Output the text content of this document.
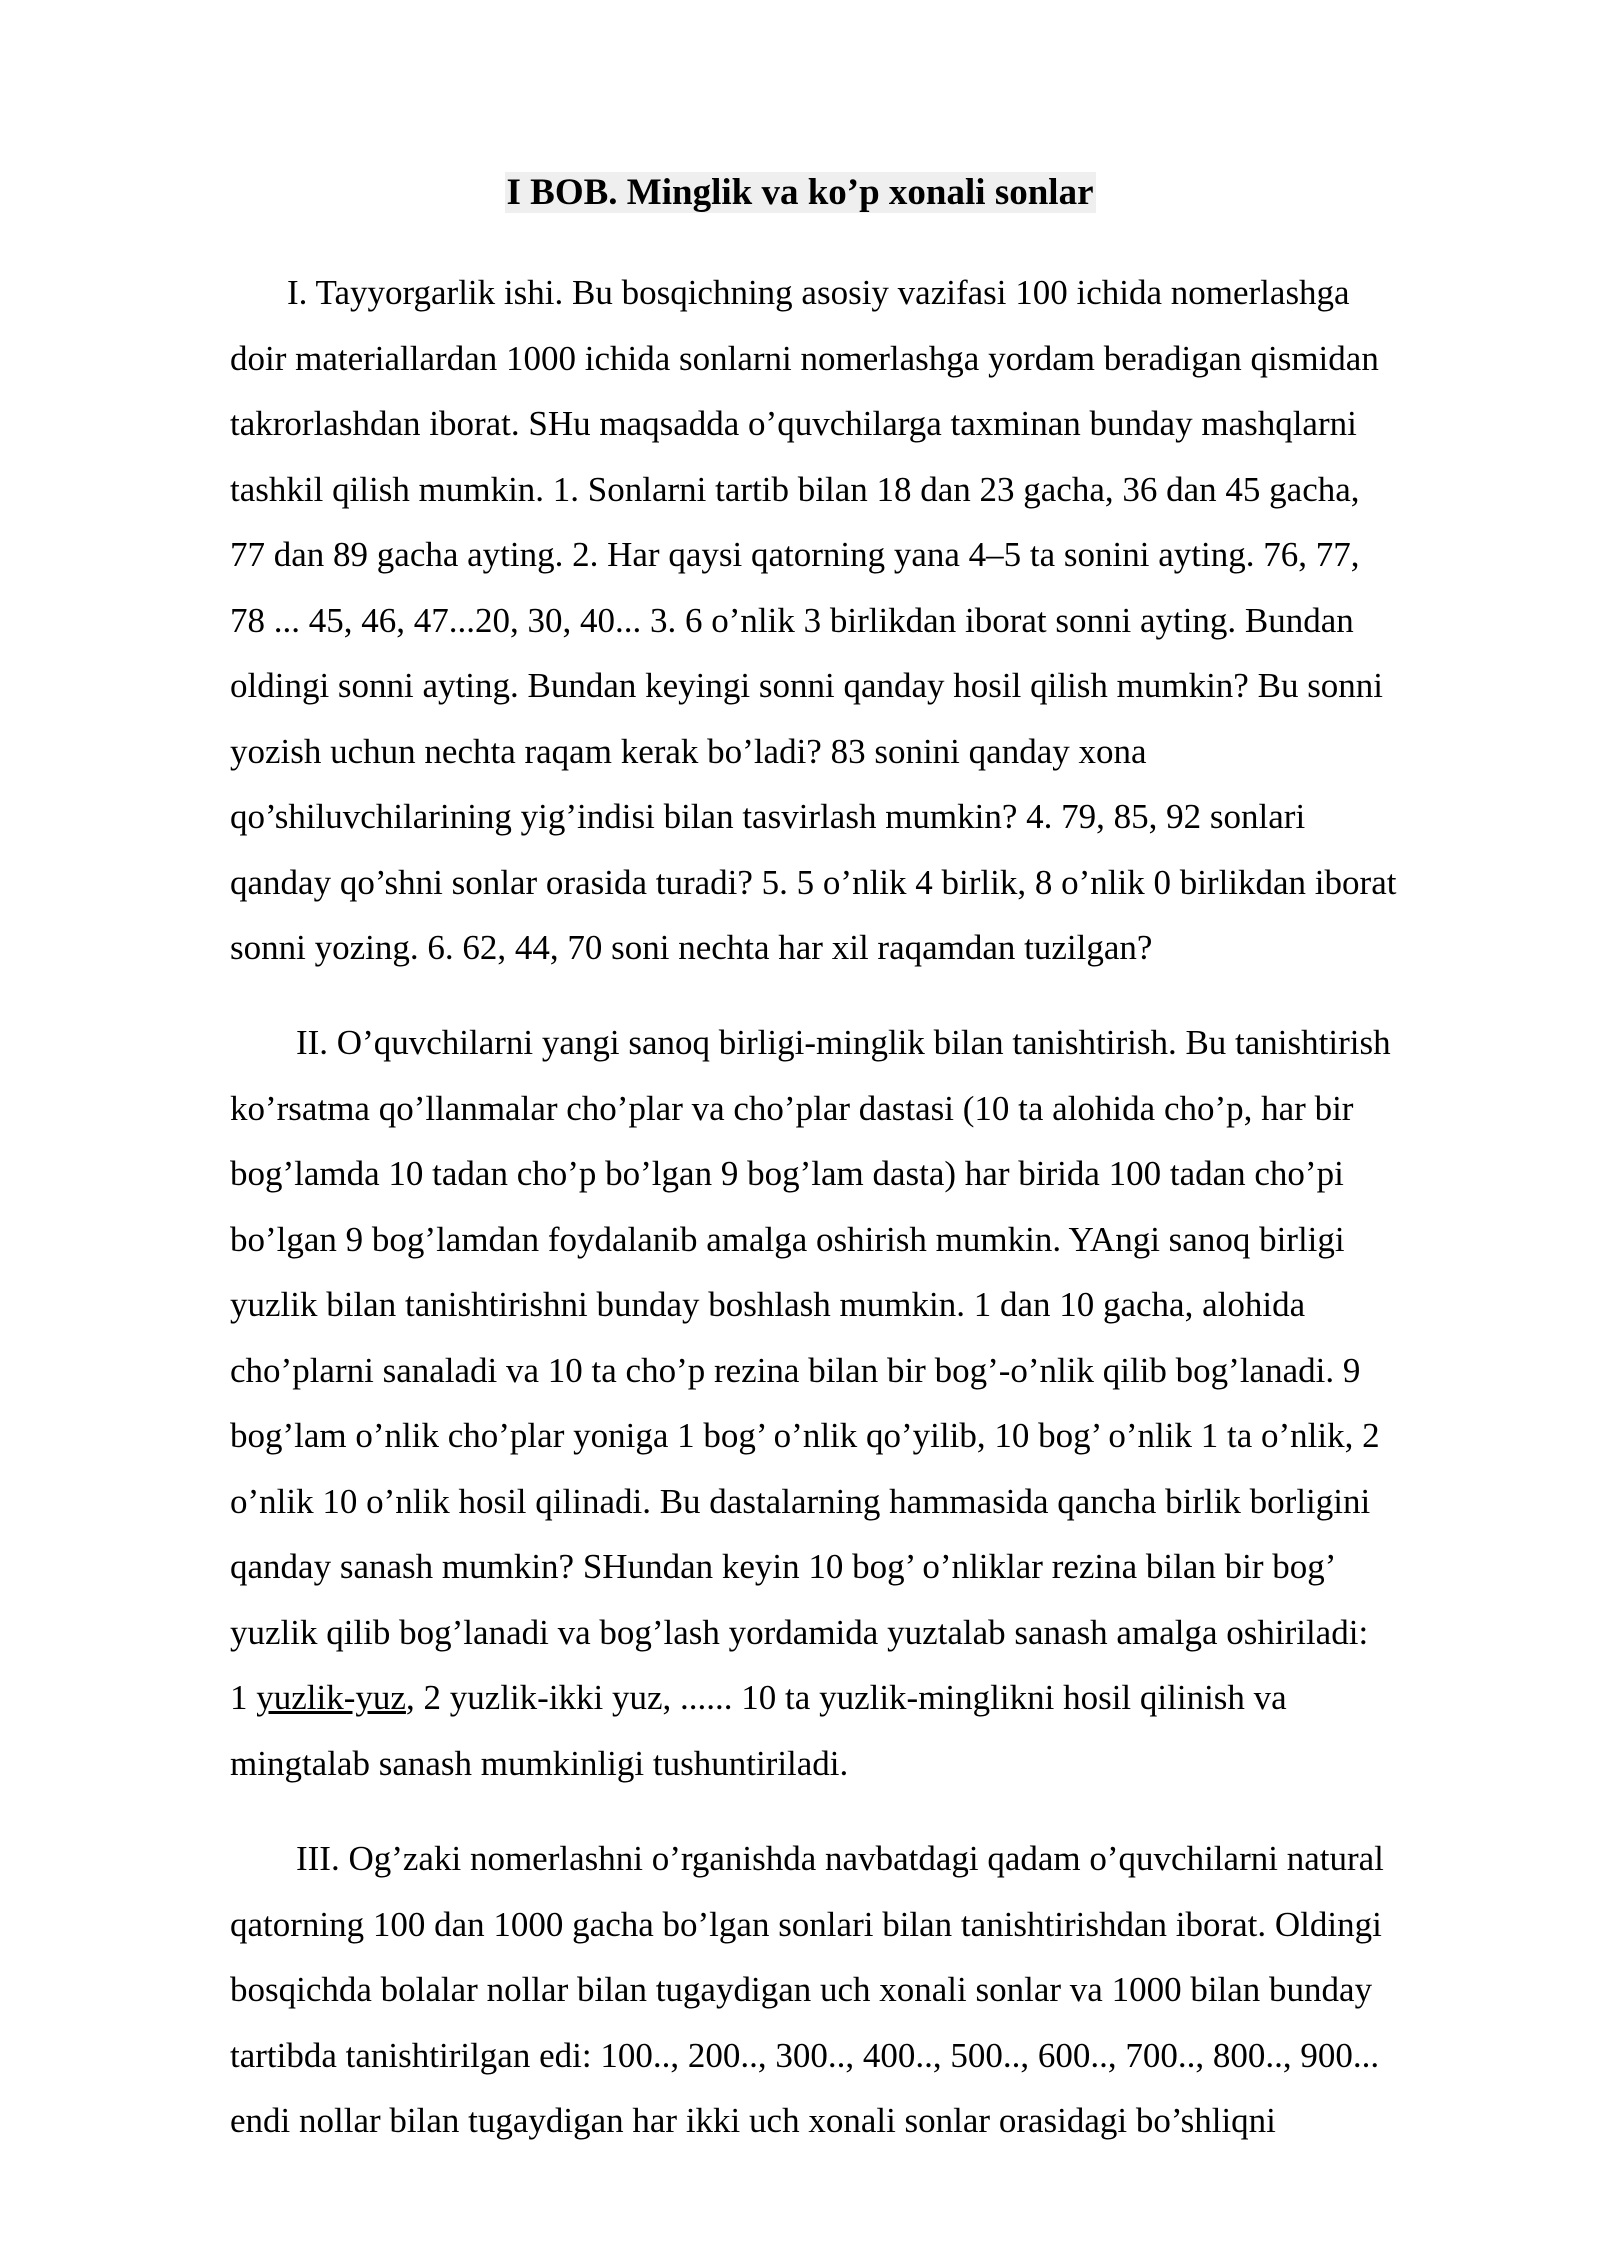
I BOB. Minglik va ko’p xonali sonlar
I. Tayyorgarlik ishi. Bu bosqichning asosiy vazifasi 100 ichida nomerlashga
doir materiallardan 1000 ichida sonlarni nomerlashga yordam beradigan qismidan
takrorlashdan iborat. SHu maqsadda o’quvchilarga taxminan bunday mashqlarni
tashkil qilish mumkin. 1. Sonlarni tartib bilan 18 dan 23 gacha, 36 dan 45 gacha,
77 dan 89 gacha ayting. 2. Har qaysi qatorning yana 4–5 ta sonini ayting. 76, 77,
78 ... 45, 46, 47...20, 30, 40... 3. 6 o’nlik 3 birlikdan iborat sonni ayting. Bundan
oldingi sonni ayting. Bundan keyingi sonni qanday hosil qilish mumkin? Bu sonni
yozish uchun nechta raqam kerak bo’ladi? 83 sonini qanday xona
qo’shiluvchilarining yig’indisi bilan tasvirlash mumkin? 4. 79, 85, 92 sonlari
qanday qo’shni sonlar orasida turadi? 5. 5 o’nlik 4 birlik, 8 o’nlik 0 birlikdan iborat
sonni yozing. 6. 62, 44, 70 soni nechta har xil raqamdan tuzilgan?
II. O’quvchilarni yangi sanoq birligi-minglik bilan tanishtirish. Bu tanishtirish
ko’rsatma qo’llanmalar cho’plar va cho’plar dastasi (10 ta alohida cho’p, har bir
bog’lamda 10 tadan cho’p bo’lgan 9 bog’lam dasta) har birida 100 tadan cho’pi
bo’lgan 9 bog’lamdan foydalanib amalga oshirish mumkin. YAngi sanoq birligi
yuzlik bilan tanishtirishni bunday boshlash mumkin. 1 dan 10 gacha, alohida
cho’plarni sanaladi va 10 ta cho’p rezina bilan bir bog’-o’nlik qilib bog’lanadi. 9
bog’lam o’nlik cho’plar yoniga 1 bog’ o’nlik qo’yilib, 10 bog’ o’nlik 1 ta o’nlik, 2
o’nlik 10 o’nlik hosil qilinadi. Bu dastalarning hammasida qancha birlik borligini
qanday sanash mumkin? SHundan keyin 10 bog’ o’nliklar rezina bilan bir bog’
yuzlik qilib bog’lanadi va bog’lash yordamida yuztalab sanash amalga oshiriladi:
1 yuzlik-yuz, 2 yuzlik-ikki yuz, ...... 10 ta yuzlik-minglikni hosil qilinish va
mingtalab sanash mumkinligi tushuntiriladi.
III. Og’zaki nomerlashni o’rganishda navbatdagi qadam o’quvchilarni natural
qatorning 100 dan 1000 gacha bo’lgan sonlari bilan tanishtirishdan iborat. Oldingi
bosqichda bolalar nollar bilan tugaydigan uch xonali sonlar va 1000 bilan bunday
tartibda tanishtirilgan edi: 100.., 200.., 300.., 400.., 500.., 600.., 700.., 800.., 900...
endi nollar bilan tugaydigan har ikki uch xonali sonlar orasidagi bo’shliqni
